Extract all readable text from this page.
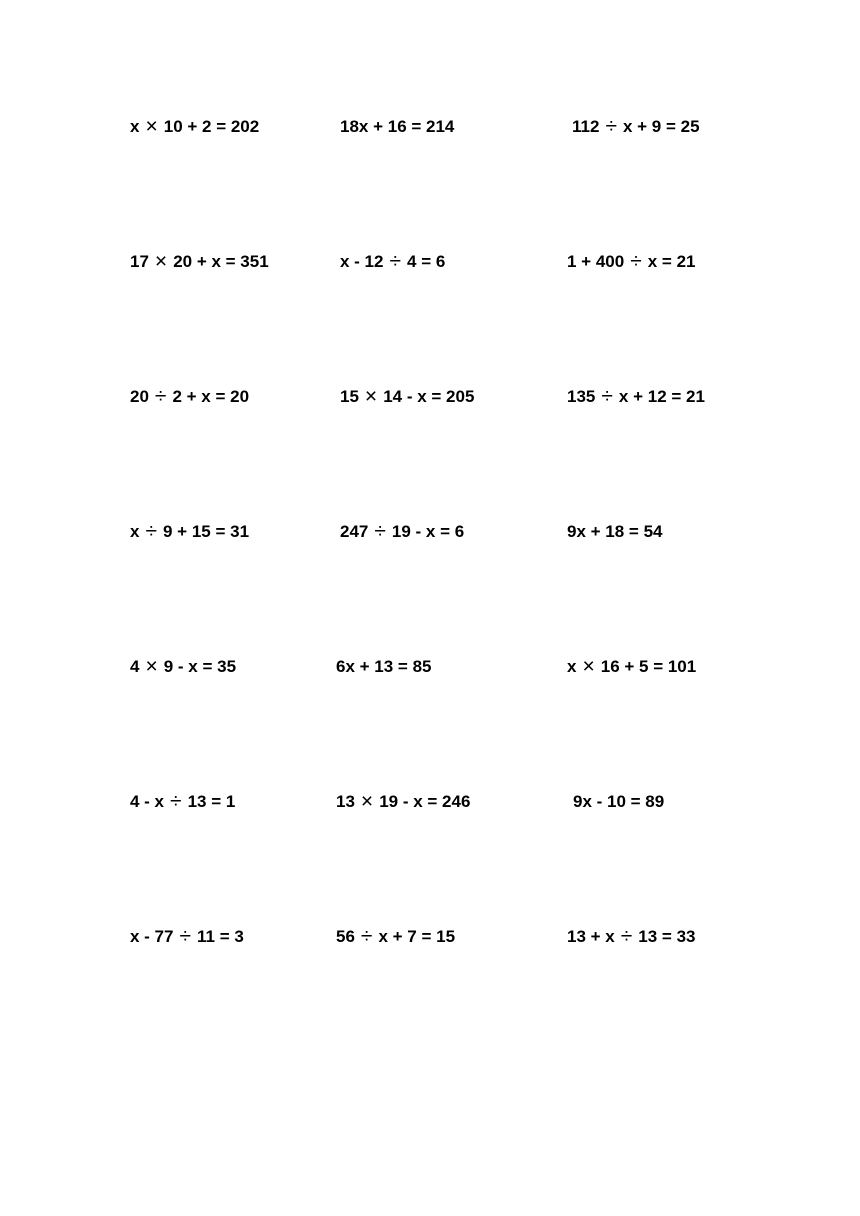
x × 10 + 2 = 202	18x + 16 = 214	112 ÷ x + 9 = 25
17 × 20 + x = 351	x - 12 ÷ 4 = 6	1 + 400 ÷ x = 21
20 ÷ 2 + x = 20	15 × 14 - x = 205	135 ÷ x + 12 = 21
x ÷ 9 + 15 = 31	247 ÷ 19 - x = 6	9x + 18 = 54
4 × 9 - x = 35	6x + 13 = 85	x × 16 + 5 = 101
4 - x ÷ 13 = 1	13 × 19 - x = 246	9x - 10 = 89
x - 77 ÷ 11 = 3	56 ÷ x + 7 = 15	13 + x ÷ 13 = 33
